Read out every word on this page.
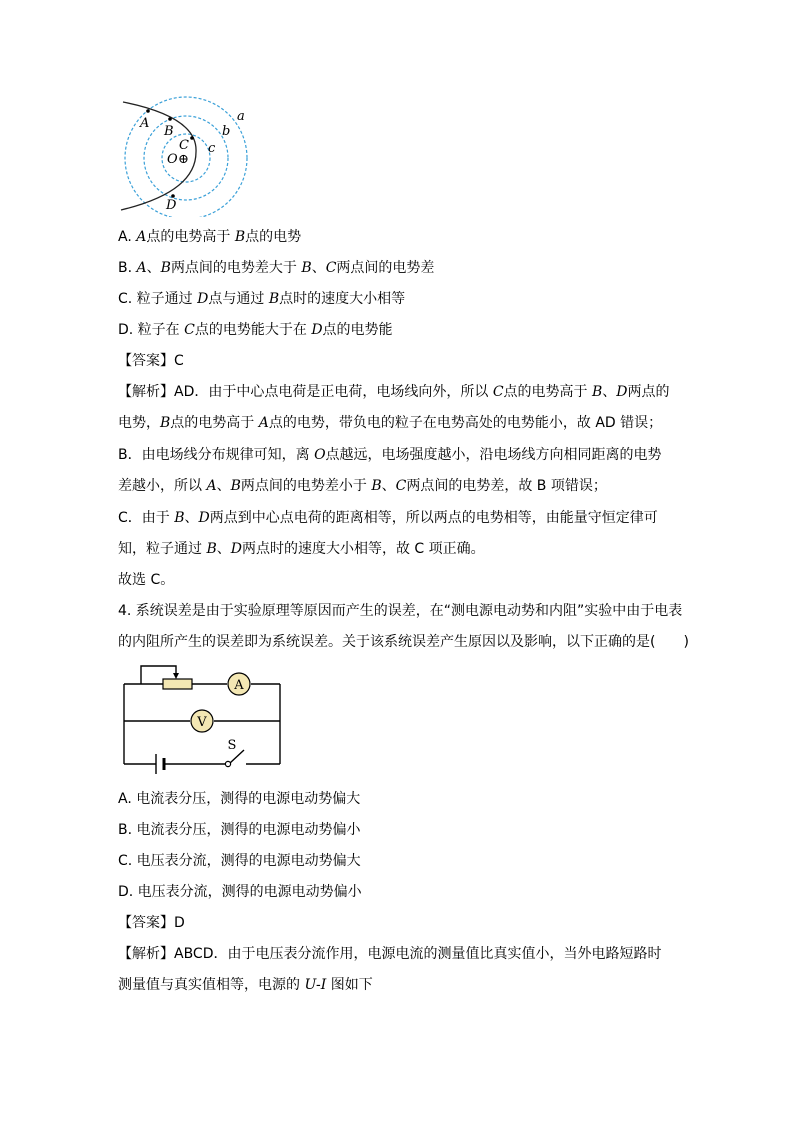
a
b
c
A
B
C
O ⊕
D
A. A点的电势高于 B点的电势
B. A、B两点间的电势差大于 B、C两点间的电势差
C. 粒子通过 D点与通过 B点时的速度大小相等
D. 粒子在 C点的电势能大于在 D点的电势能
【答案】C
【解析】AD．由于中心点电荷是正电荷，电场线向外，所以 C点的电势高于 B、D两点的
电势，B点的电势高于 A点的电势，带负电的粒子在电势高处的电势能小，故 AD 错误；
B．由电场线分布规律可知，离 O点越远，电场强度越小，沿电场线方向相同距离的电势
差越小，所以 A、B两点间的电势差小于 B、C两点间的电势差，故 B 项错误；
C．由于 B、D两点到中心点电荷的距离相等，所以两点的电势相等，由能量守恒定律可
知，粒子通过 B、D两点时的速度大小相等，故 C 项正确。
故选 C。
4. 系统误差是由于实验原理等原因而产生的误差，在“测电源电动势和内阻”实验中由于电表
的内阻所产生的误差即为系统误差。关于该系统误差产生原因以及影响，以下正确的是(　　)
A
V
S
A. 电流表分压，测得的电源电动势偏大
B. 电流表分压，测得的电源电动势偏小
C. 电压表分流，测得的电源电动势偏大
D. 电压表分流，测得的电源电动势偏小
【答案】D
【解析】ABCD．由于电压表分流作用，电源电流的测量值比真实值小，当外电路短路时
测量值与真实值相等，电源的 U-I 图如下
